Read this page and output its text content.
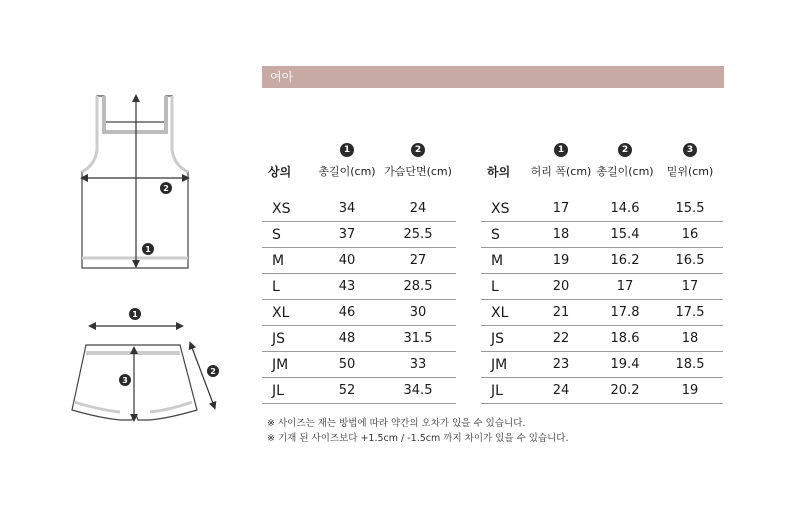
1
2
1
2
3
여아
	1	2
상의	총길이(cm)	가슴단면(cm)

XS	34	24
S	37	25.5
M	40	27
L	43	28.5
XL	46	30
JS	48	31.5
JM	50	33
JL	52	34.5
	1	2	3
하의	허리 폭(cm)	총길이(cm)	밑위(cm)

XS	17	14.6	15.5
S	18	15.4	16
M	19	16.2	16.5
L	20	17	17
XL	21	17.8	17.5
JS	22	18.6	18
JM	23	19.4	18.5
JL	24	20.2	19
※ 사이즈는 재는 방법에 따라 약간의 오차가 있을 수 있습니다.
※ 기재 된 사이즈보다 +1.5cm / -1.5cm 까지 차이가 있을 수 있습니다.
